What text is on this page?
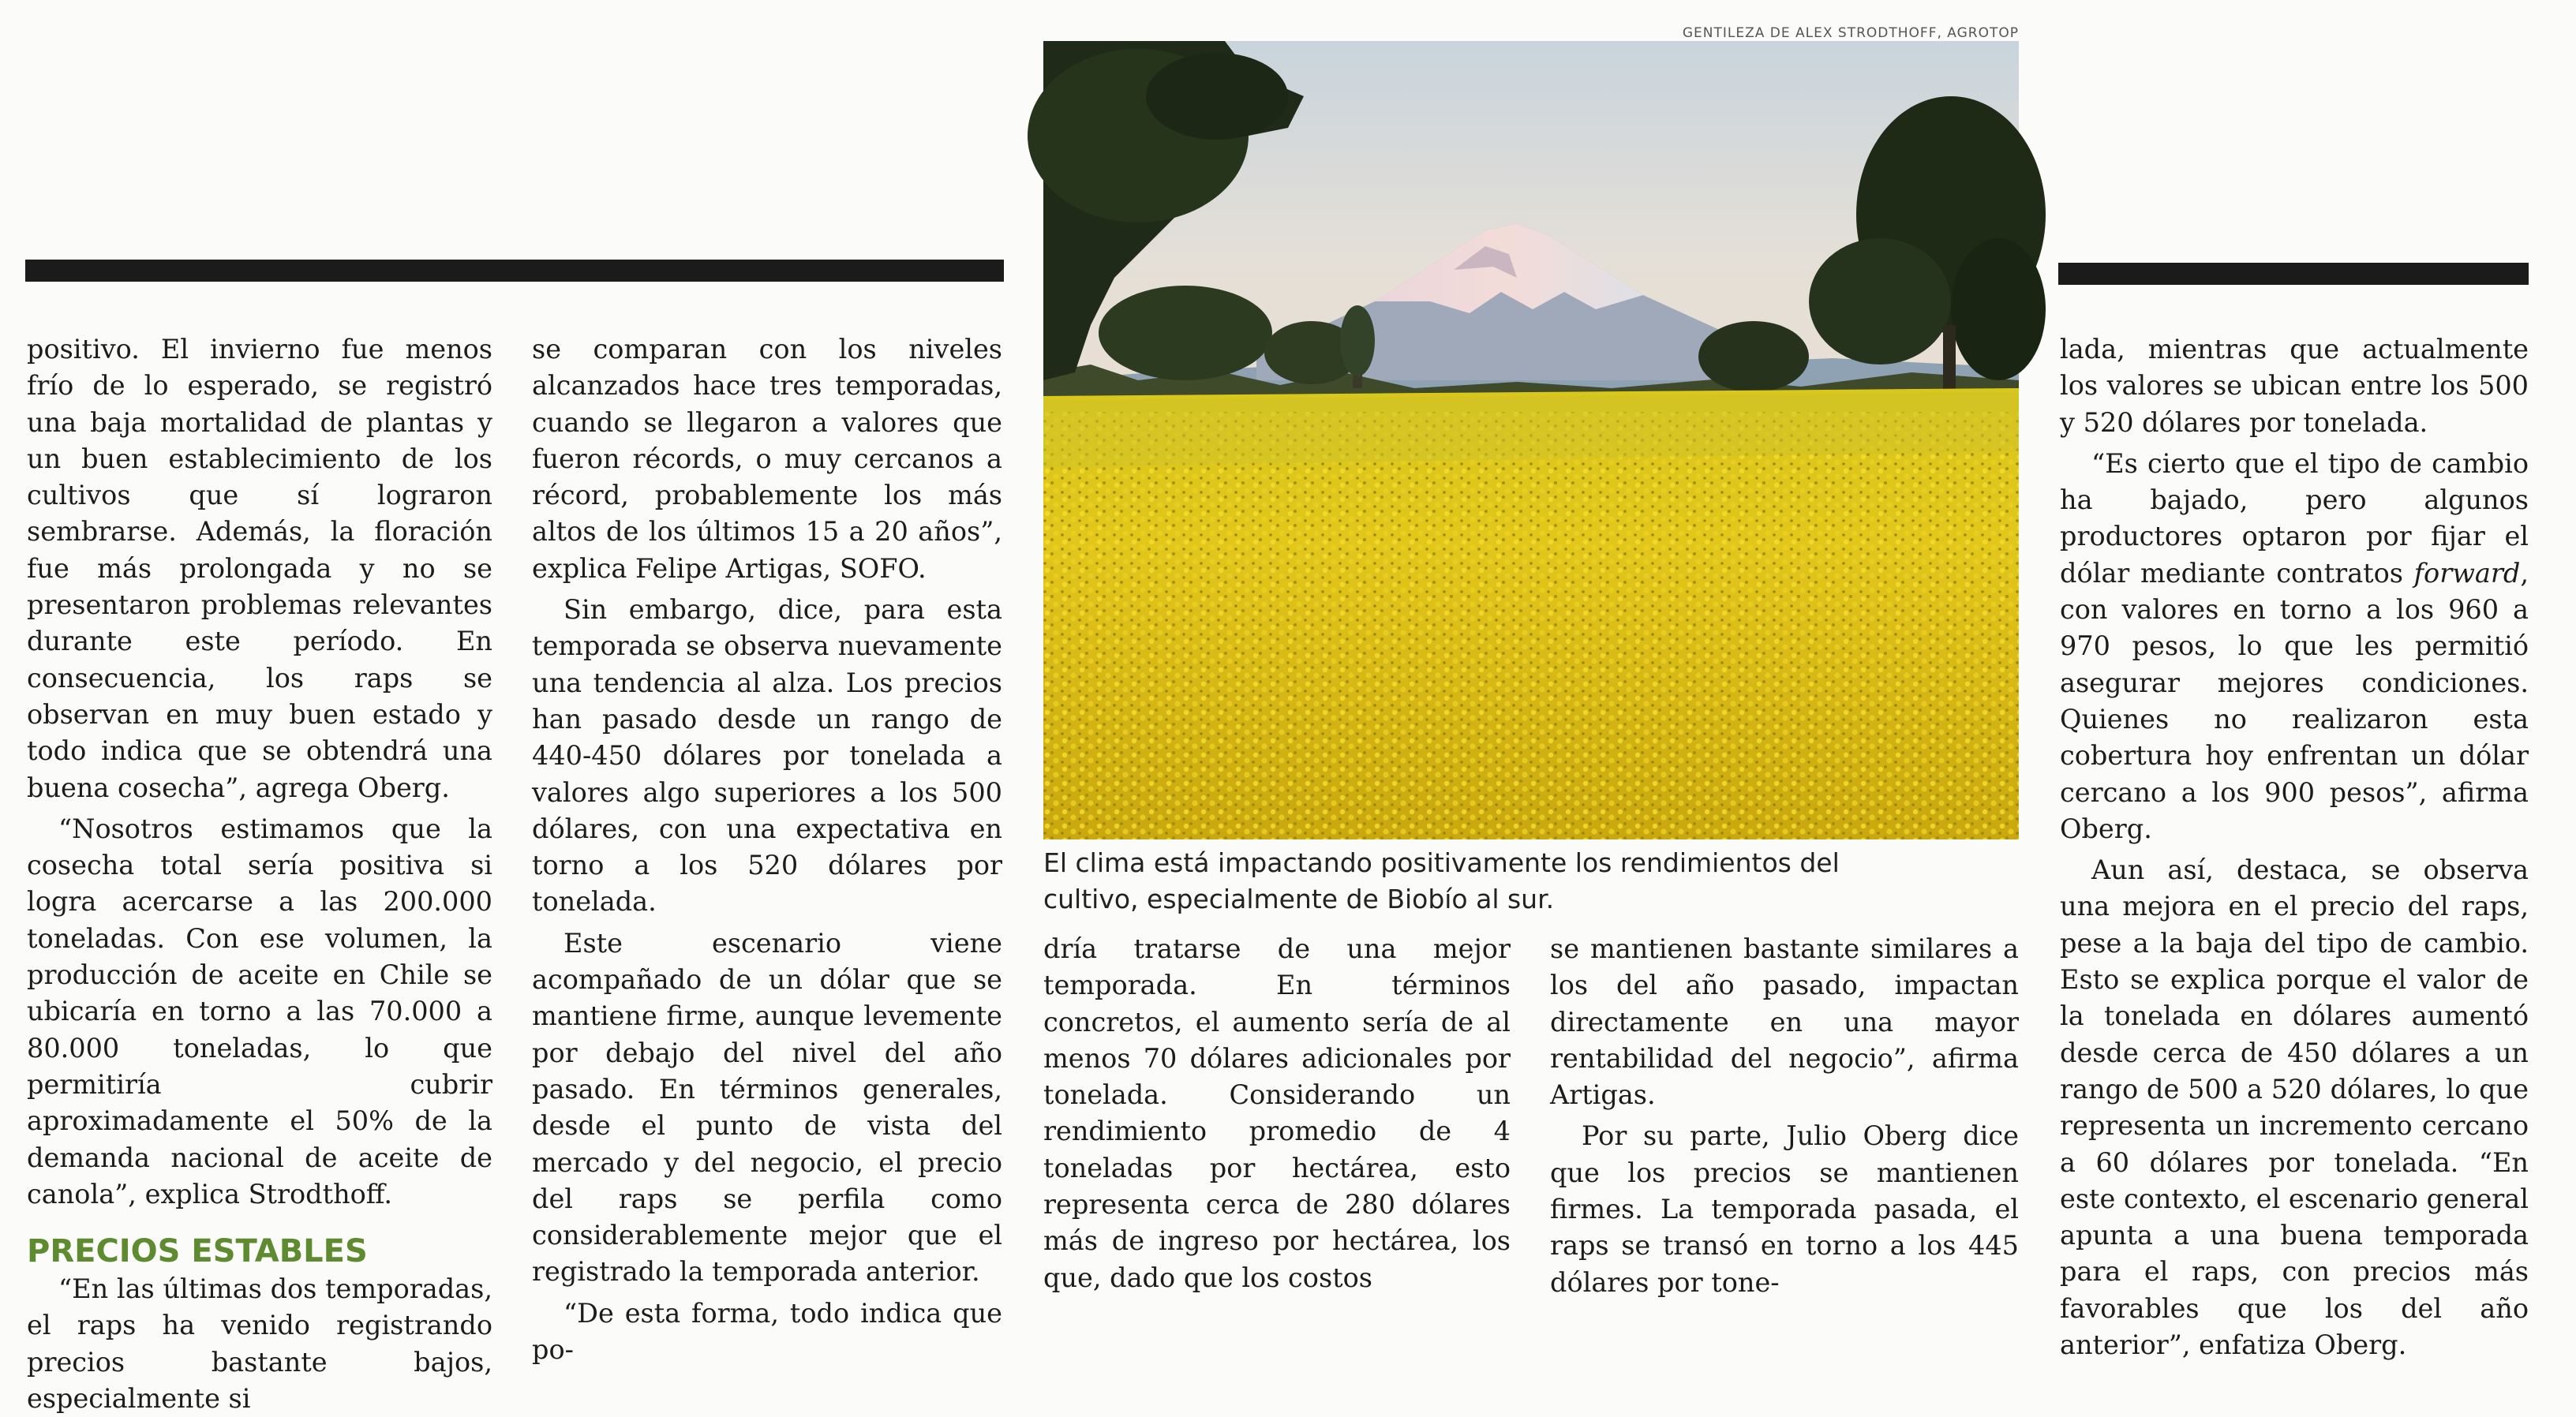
GENTILEZA DE ALEX STRODTHOFF, AGROTOP
El clima está impactando positivamente los rendimientos del
cultivo, especialmente de Biobío al sur.

positivo. El invierno fue menos frío de lo esperado, se registró una baja mortalidad de plantas y un buen establecimiento de los cultivos que sí lograron sembrarse. Además, la floración fue más prolongada y no se presentaron problemas relevantes durante este período. En consecuencia, los raps se observan en muy buen estado y todo indica que se obtendrá una buena cosecha”, agrega Oberg.

“Nosotros estimamos que la cosecha total sería positiva si logra acercarse a las 200.000 toneladas. Con ese volumen, la producción de aceite en Chile se ubicaría en torno a las 70.000 a 80.000 toneladas, lo que permitiría cubrir aproximadamente el 50% de la demanda nacional de aceite de canola”, explica Strodthoff.

PRECIOS ESTABLES

“En las últimas dos temporadas, el raps ha venido registrando precios bastante bajos, especialmente si

se comparan con los niveles alcanzados hace tres temporadas, cuando se llegaron a valores que fueron récords, o muy cercanos a récord, probablemente los más altos de los últimos 15 a 20 años”, explica Felipe Artigas, SOFO.

Sin embargo, dice, para esta temporada se observa nuevamente una tendencia al alza. Los precios han pasado desde un rango de 440-450 dólares por tonelada a valores algo superiores a los 500 dólares, con una expectativa en torno a los 520 dólares por tonelada.

Este escenario viene acompañado de un dólar que se mantiene firme, aunque levemente por debajo del nivel del año pasado. En términos generales, desde el punto de vista del mercado y del negocio, el precio del raps se perfila como considerablemente mejor que el registrado la temporada anterior.

“De esta forma, todo indica que po-

dría tratarse de una mejor temporada. En términos concretos, el aumento sería de al menos 70 dólares adicionales por tonelada. Considerando un rendimiento promedio de 4 toneladas por hectárea, esto representa cerca de 280 dólares más de ingreso por hectárea, los que, dado que los costos

se mantienen bastante similares a los del año pasado, impactan directamente en una mayor rentabilidad del negocio”, afirma Artigas.

Por su parte, Julio Oberg dice que los precios se mantienen firmes. La temporada pasada, el raps se transó en torno a los 445 dólares por tone-

lada, mientras que actualmente los valores se ubican entre los 500 y 520 dólares por tonelada.

“Es cierto que el tipo de cambio ha bajado, pero algunos productores optaron por fijar el dólar mediante contratos forward, con valores en torno a los 960 a 970 pesos, lo que les permitió asegurar mejores condiciones. Quienes no realizaron esta cobertura hoy enfrentan un dólar cercano a los 900 pesos”, afirma Oberg.

Aun así, destaca, se observa una mejora en el precio del raps, pese a la baja del tipo de cambio. Esto se explica porque el valor de la tonelada en dólares aumentó desde cerca de 450 dólares a un rango de 500 a 520 dólares, lo que representa un incremento cercano a 60 dólares por tonelada. “En este contexto, el escenario general apunta a una buena temporada para el raps, con precios más favorables que los del año anterior”, enfatiza Oberg.
